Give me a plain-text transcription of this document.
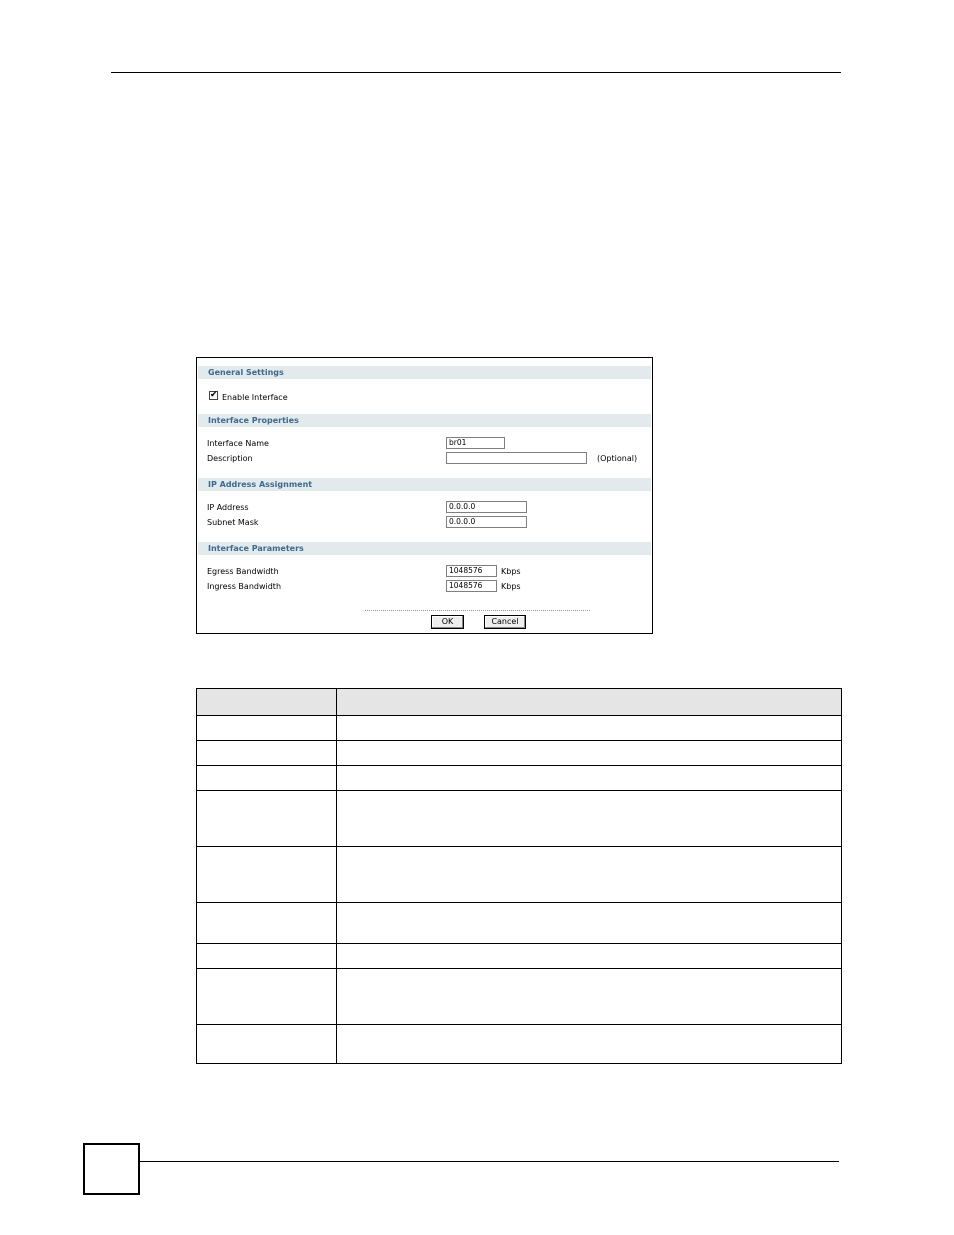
General Settings
✔ Enable Interface
Interface Properties
Interface Name	br01
Description	(Optional)
IP Address Assignment
IP Address	0.0.0.0
Subnet Mask	0.0.0.0
Interface Parameters
Egress Bandwidth	1048576	Kbps
Ingress Bandwidth	1048576	Kbps
OK	Cancel
